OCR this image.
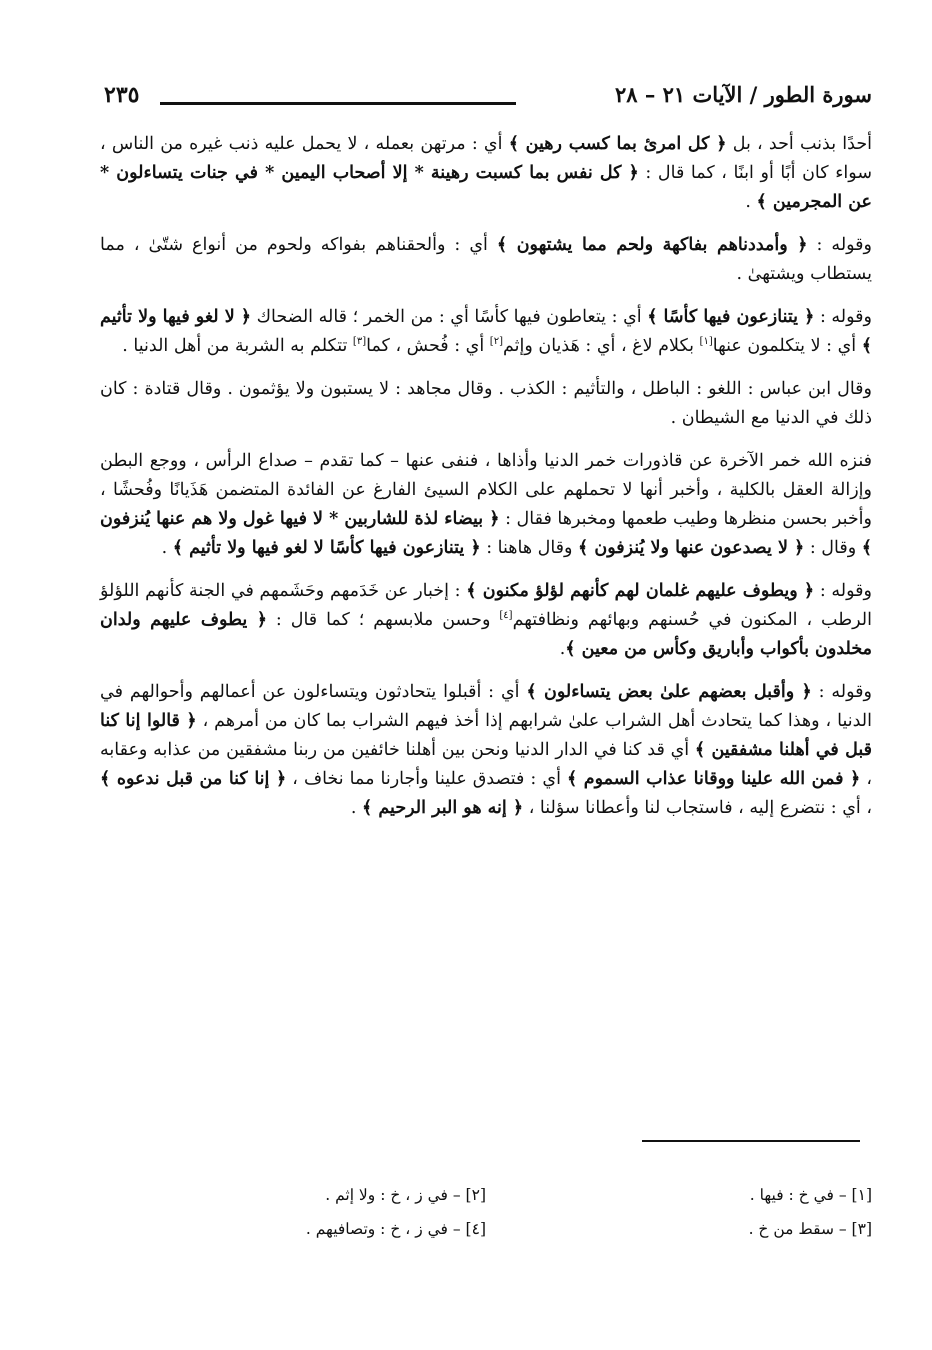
سورة الطور / الآيات ٢١ – ٢٨
٢٣٥

أحدًا بذنب أحد ، بل ﴿ كل امرئ بما كسب رهين ﴾ أي : مرتهن بعمله ، لا يحمل عليه ذنب غيره من الناس ، سواء كان أبًا أو ابنًا ، كما قال : ﴿ كل نفس بما كسبت رهينة * إلا أصحاب اليمين * في جنات يتساءلون * عن المجرمين ﴾ .

وقوله : ﴿ وأمددناهم بفاكهة ولحم مما يشتهون ﴾ أي : وألحقناهم بفواكه ولحوم من أنواع شتّىٰ ، مما يستطاب ويشتهىٰ .

وقوله : ﴿ يتنازعون فيها كأسًا ﴾ أي : يتعاطون فيها كأسًا أي : من الخمر ؛ قاله الضحاك ﴿ لا لغو فيها ولا تأثيم ﴾ أي : لا يتكلمون عنها[١] بكلام لاغ ، أي : هَذيان وإثم[٢] أي : فُحش ، كما[٣] تتكلم به الشربة من أهل الدنيا .

وقال ابن عباس : اللغو : الباطل ، والتأثيم : الكذب . وقال مجاهد : لا يستبون ولا يؤثمون . وقال قتادة : كان ذلك في الدنيا مع الشيطان .

فنزه الله خمر الآخرة عن قاذورات خمر الدنيا وأذاها ، فنفى عنها – كما تقدم – صداع الرأس ، ووجع البطن وإزالة العقل بالكلية ، وأخبر أنها لا تحملهم على الكلام السيئ الفارغ عن الفائدة المتضمن هَذَيانًا وفُحشًا ، وأخبر بحسن منظرها وطيب طعمها ومخبرها فقال : ﴿ بيضاء لذة للشاربين * لا فيها غول ولا هم عنها يُنزفون ﴾ وقال : ﴿ لا يصدعون عنها ولا يُنزفون ﴾ وقال هاهنا : ﴿ يتنازعون فيها كأسًا لا لغو فيها ولا تأثيم ﴾ .

وقوله : ﴿ ويطوف عليهم غلمان لهم كأنهم لؤلؤ مكنون ﴾ : إخبار عن خَدَمهم وحَشَمهم في الجنة كأنهم اللؤلؤ الرطب ، المكنون في حُسنهم وبهائهم ونظافتهم[٤] وحسن ملابسهم ؛ كما قال : ﴿ يطوف عليهم ولدان مخلدون بأكواب وأباريق وكأس من معين ﴾.

وقوله : ﴿ وأقبل بعضهم علىٰ بعض يتساءلون ﴾ أي : أقبلوا يتحادثون ويتساءلون عن أعمالهم وأحوالهم في الدنيا ، وهذا كما يتحادث أهل الشراب علىٰ شرابهم إذا أخذ فيهم الشراب بما كان من أمرهم ، ﴿ قالوا إنا كنا قبل في أهلنا مشفقين ﴾ أي قد كنا في الدار الدنيا ونحن بين أهلنا خائفين من ربنا مشفقين من عذابه وعقابه ، ﴿ فمن الله علينا ووقانا عذاب السموم ﴾ أي : فتصدق علينا وأجارنا مما نخاف ، ﴿ إنا كنا من قبل ندعوه ﴾ ، أي : نتضرع إليه ، فاستجاب لنا وأعطانا سؤلنا ، ﴿ إنه هو البر الرحيم ﴾ .

[١] – في خ : فيها .
[٢] – في ز ، خ : ولا إثم .
[٣] – سقط من خ .
[٤] – في ز ، خ : وتصافيهم .
